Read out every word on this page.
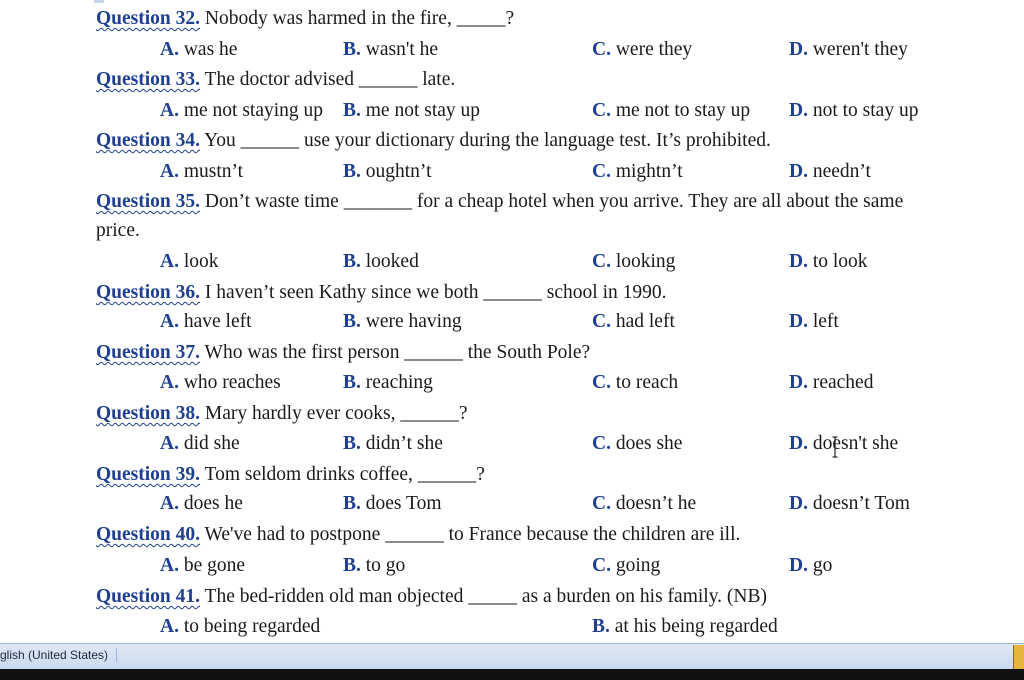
Question 32. Nobody was harmed in the fire, _____?
A. was he	B. wasn't he	C. were they	D. weren't they
Question 33. The doctor advised ______ late.
A. me not staying up B. me not stay up	C. me not to stay up D. not to stay up
Question 34. You ______ use your dictionary during the language test. It’s prohibited.
A. mustn’t	B. oughtn’t	C. mightn’t	D. needn’t
Question 35. Don’t waste time _______ for a cheap hotel when you arrive. They are all about the same
price.
A. look	B. looked	C. looking	D. to look
Question 36. I haven’t seen Kathy since we both ______ school in 1990.
A. have left	B. were having	C. had left	D. left
Question 37. Who was the first person ______ the South Pole?
A. who reaches	B. reaching	C. to reach	D. reached
Question 38. Mary hardly ever cooks, ______?
A. did she	B. didn’t she	C. does she	D. doesn't she
Question 39. Tom seldom drinks coffee, ______?
A. does he	B. does Tom	C. doesn’t he	D. doesn’t Tom
Question 40. We've had to postpone ______ to France because the children are ill.
A. be gone	B. to go	C. going	D. go
Question 41. The bed-ridden old man objected _____ as a burden on his family. (NB)
A. to being regarded	B. at his being regarded
glish (United States)
